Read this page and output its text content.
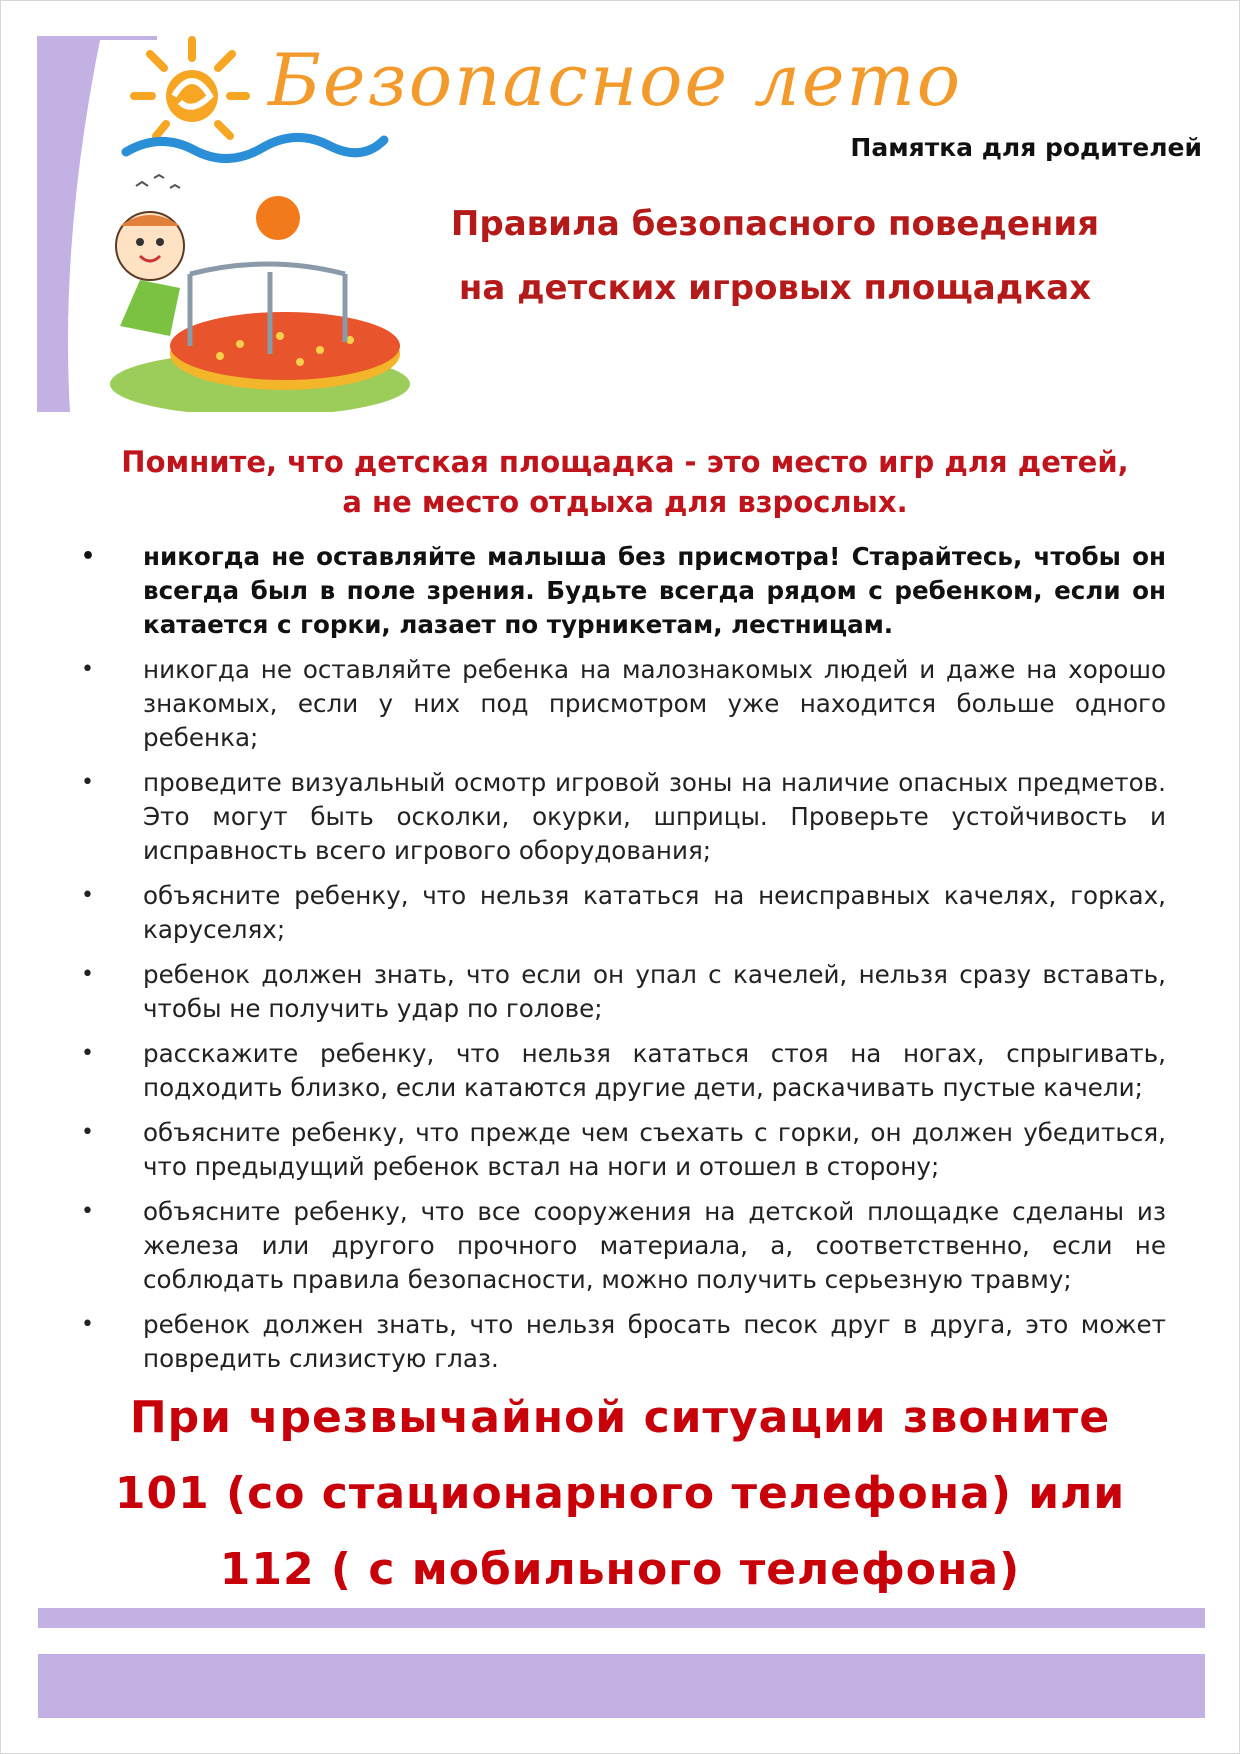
Безопасное лето
Памятка для родителей
Правила безопасного поведения
на детских игровых площадках
Помните, что детская площадка - это место игр для детей,
а не место отдыха для взрослых.
• никогда не оставляйте малыша без присмотра! Старайтесь, чтобы он всегда был в поле зрения. Будьте всегда рядом с ребенком, если он катается с горки, лазает по турникетам, лестницам.
• никогда не оставляйте ребенка на малознакомых людей и даже на хорошо знакомых, если у них под присмотром уже находится больше одного ребенка;
• проведите визуальный осмотр игровой зоны на наличие опасных предметов. Это могут быть осколки, окурки, шприцы. Проверьте устойчивость и исправность всего игрового оборудования;
• объясните ребенку, что нельзя кататься на неисправных качелях, горках, каруселях;
• ребенок должен знать, что если он упал с качелей, нельзя сразу вставать, чтобы не получить удар по голове;
• расскажите ребенку, что нельзя кататься стоя на ногах, спрыгивать, подходить близко, если катаются другие дети, раскачивать пустые качели;
• объясните ребенку, что прежде чем съехать с горки, он должен убедиться, что предыдущий ребенок встал на ноги и отошел в сторону;
• объясните ребенку, что все сооружения на детской площадке сделаны из железа или другого прочного материала, а, соответственно, если не соблюдать правила безопасности, можно получить серьезную травму;
• ребенок должен знать, что нельзя бросать песок друг в друга, это может повредить слизистую глаз.
При чрезвычайной ситуации звоните
101 (со стационарного телефона) или
112 ( с мобильного телефона)
